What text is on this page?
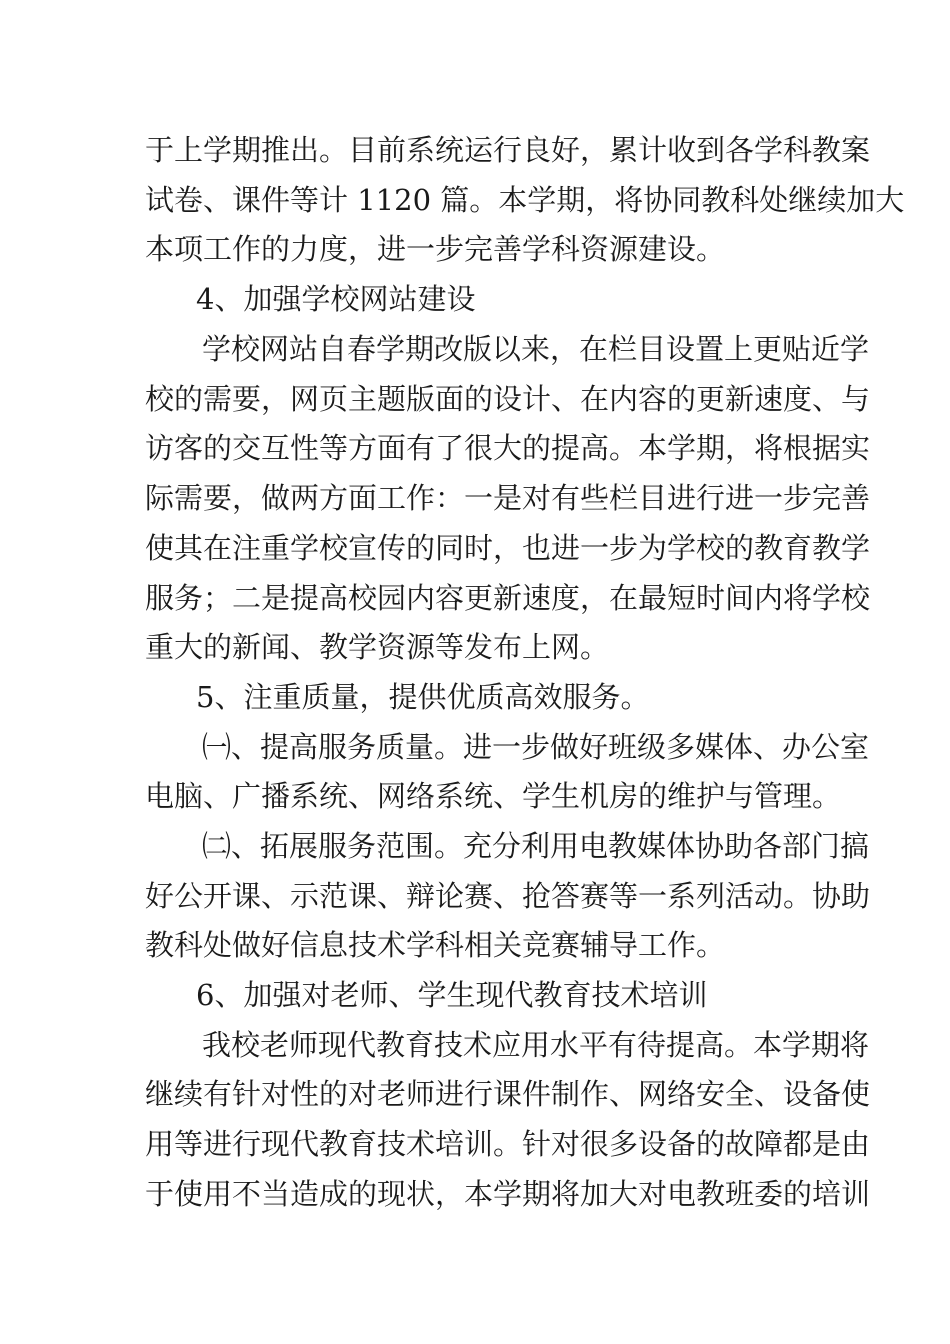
于上学期推出。目前系统运行良好，累计收到各学科教案
试卷、课件等计 1120 篇。本学期，将协同教科处继续加大
本项工作的力度，进一步完善学科资源建设。
4、加强学校网站建设
学校网站自春学期改版以来，在栏目设置上更贴近学
校的需要，网页主题版面的设计、在内容的更新速度、与
访客的交互性等方面有了很大的提高。本学期，将根据实
际需要，做两方面工作：一是对有些栏目进行进一步完善
使其在注重学校宣传的同时，也进一步为学校的教育教学
服务；二是提高校园内容更新速度，在最短时间内将学校
重大的新闻、教学资源等发布上网。
5、注重质量，提供优质高效服务。
㈠、提高服务质量。进一步做好班级多媒体、办公室
电脑、广播系统、网络系统、学生机房的维护与管理。
㈡、拓展服务范围。充分利用电教媒体协助各部门搞
好公开课、示范课、辩论赛、抢答赛等一系列活动。协助
教科处做好信息技术学科相关竞赛辅导工作。
6、加强对老师、学生现代教育技术培训
我校老师现代教育技术应用水平有待提高。本学期将
继续有针对性的对老师进行课件制作、网络安全、设备使
用等进行现代教育技术培训。针对很多设备的故障都是由
于使用不当造成的现状，本学期将加大对电教班委的培训
